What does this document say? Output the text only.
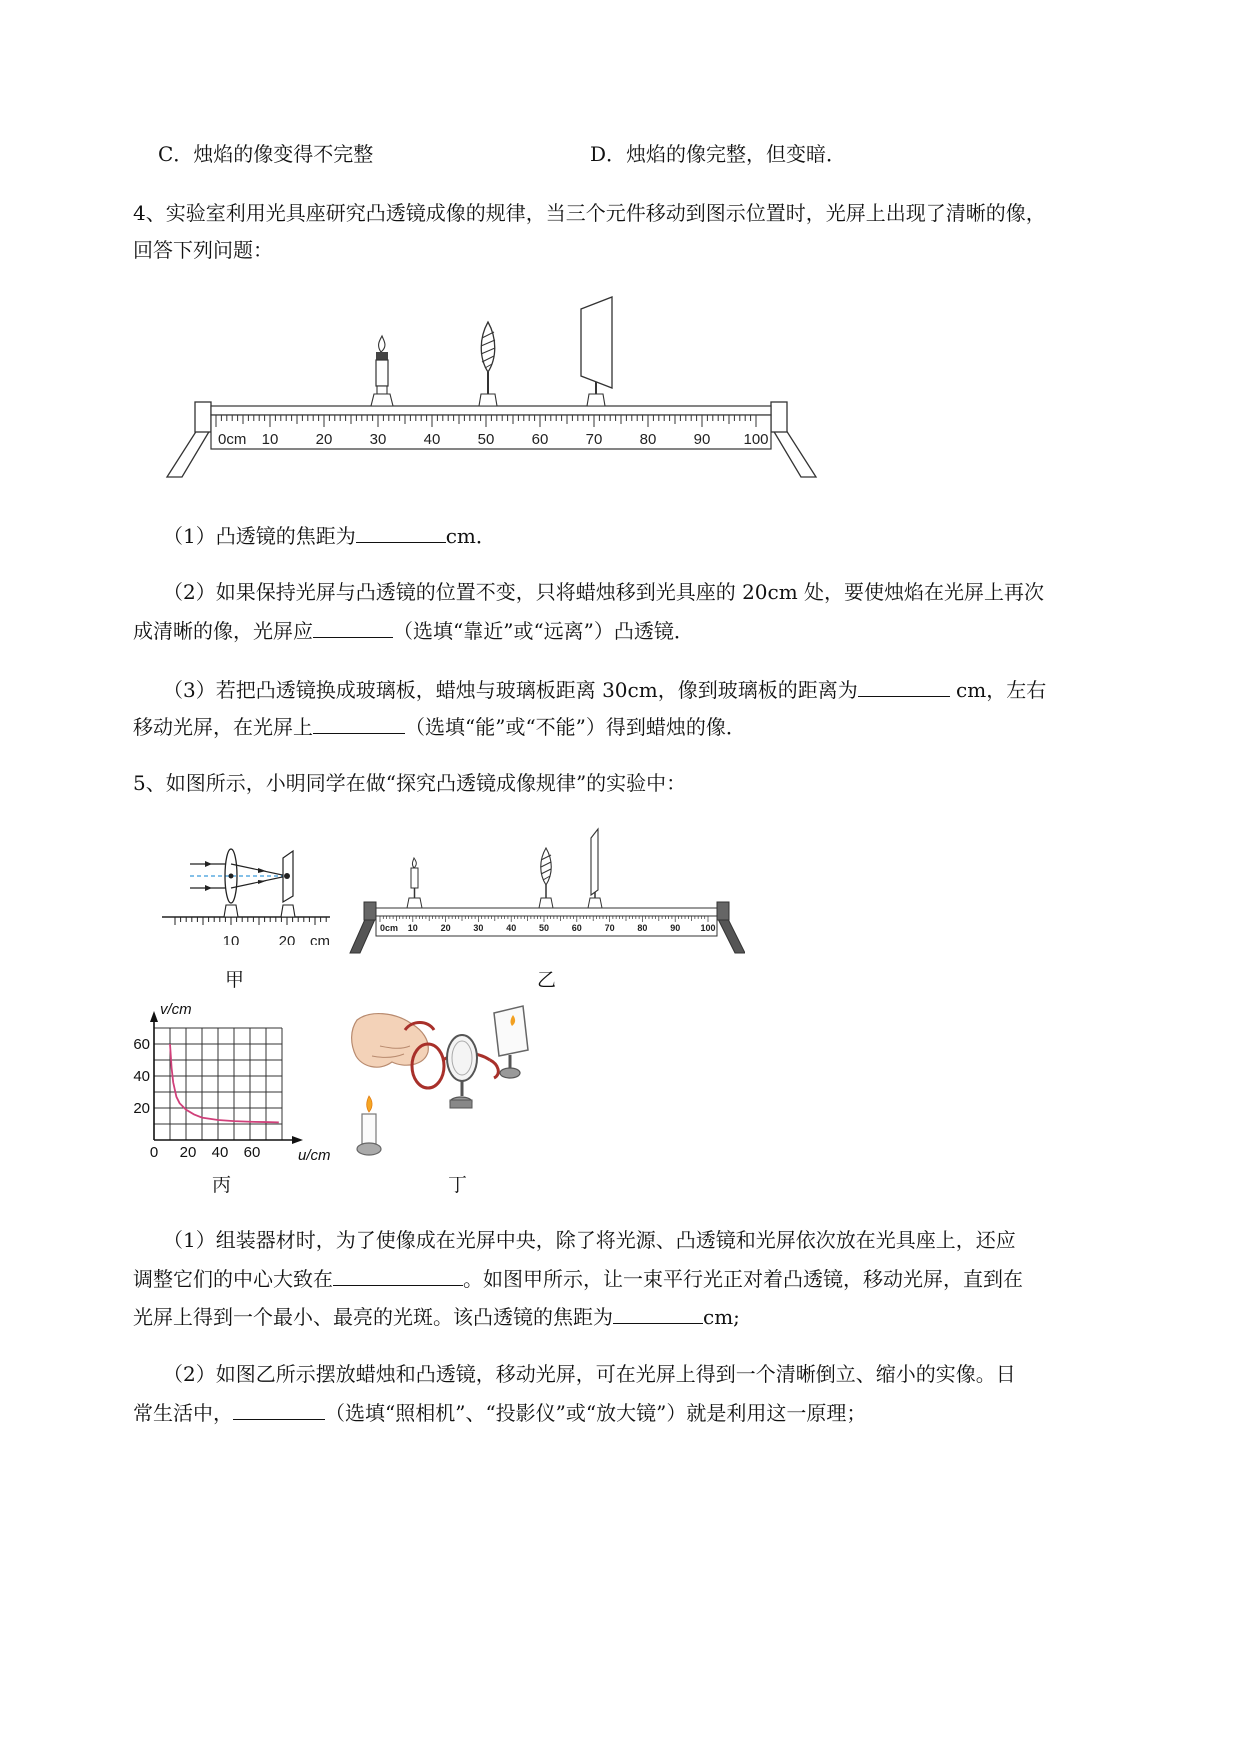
C．烛焰的像变得不完整	D．烛焰的像完整，但变暗．
4、实验室利用光具座研究凸透镜成像的规律，当三个元件移动到图示位置时，光屏上出现了清晰的像，
回答下列问题：
0cm 10 20 30 40 50 60 70 80 90 100
（1）凸透镜的焦距为	cm．
（2）如果保持光屏与凸透镜的位置不变，只将蜡烛移到光具座的 20cm 处，要使烛焰在光屏上再次
成清晰的像，光屏应	（选填“靠近”或“远离”）凸透镜．
（3）若把凸透镜换成玻璃板，蜡烛与玻璃板距离 30cm，像到玻璃板的距离为	cm，左右
移动光屏，在光屏上	（选填“能”或“不能”）得到蜡烛的像．
5、如图所示，小明同学在做“探究凸透镜成像规律”的实验中：
10	20 cm
甲
0cm 10	20	30	40	50	60	70	80	90 100
乙
v/cm
u/cm
60
40
20
0 20 40 60
丙	丁
（1）组装器材时，为了使像成在光屏中央，除了将光源、凸透镜和光屏依次放在光具座上，还应
调整它们的中心大致在	。如图甲所示，让一束平行光正对着凸透镜，移动光屏，直到在
光屏上得到一个最小、最亮的光斑。该凸透镜的焦距为	cm;
（2）如图乙所示摆放蜡烛和凸透镜，移动光屏，可在光屏上得到一个清晰倒立、缩小的实像。日
常生活中，	（选填“照相机”、“投影仪”或“放大镜”）就是利用这一原理；
